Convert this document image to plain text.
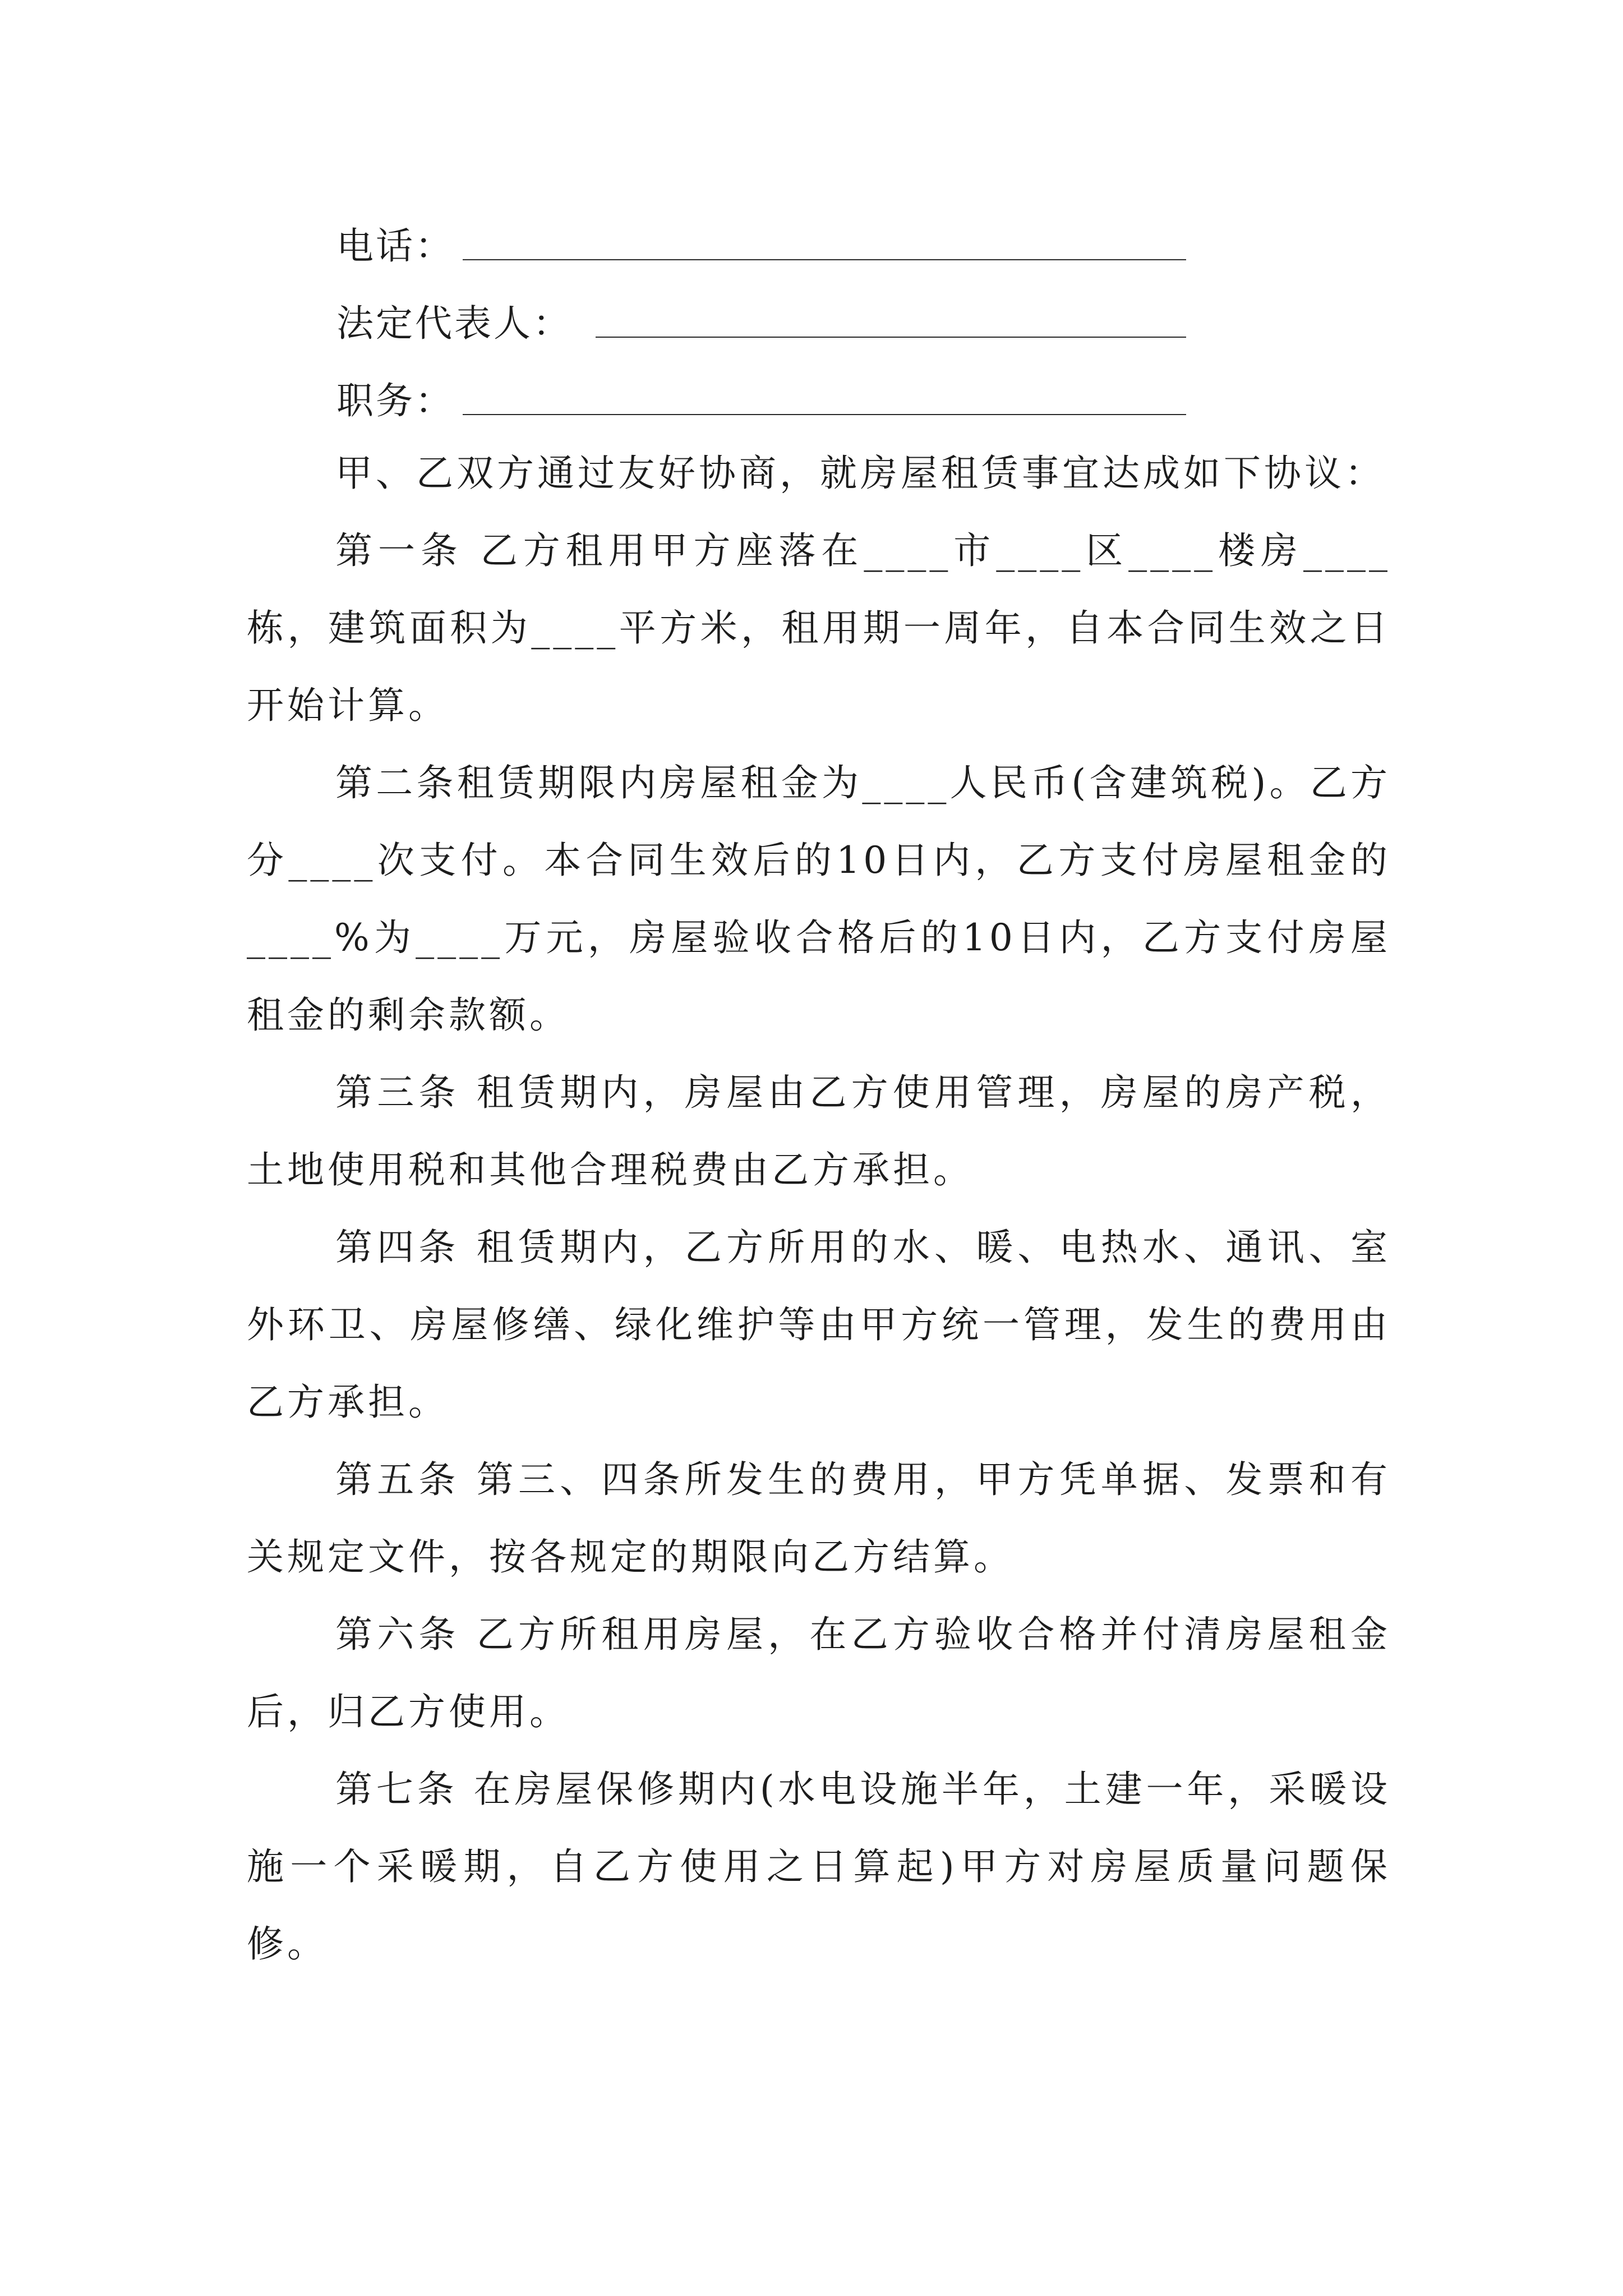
电话：
法定代表人：
职务：

甲、乙双方通过友好协商，就房屋租赁事宜达成如下协议：

第一条 乙方租用甲方座落在____市____区____楼房____栋，建筑面积为____平方米，租用期一周年，自本合同生效之日开始计算。

第二条租赁期限内房屋租金为____人民币(含建筑税)。乙方分____次支付。本合同生效后的10日内，乙方支付房屋租金的____%为____万元，房屋验收合格后的10日内，乙方支付房屋租金的剩余款额。

第三条 租赁期内，房屋由乙方使用管理，房屋的房产税，土地使用税和其他合理税费由乙方承担。

第四条 租赁期内，乙方所用的水、暖、电热水、通讯、室外环卫、房屋修缮、绿化维护等由甲方统一管理，发生的费用由乙方承担。

第五条 第三、四条所发生的费用，甲方凭单据、发票和有关规定文件，按各规定的期限向乙方结算。

第六条 乙方所租用房屋，在乙方验收合格并付清房屋租金后，归乙方使用。

第七条 在房屋保修期内(水电设施半年，土建一年，采暖设施一个采暖期，自乙方使用之日算起)甲方对房屋质量问题保修。
